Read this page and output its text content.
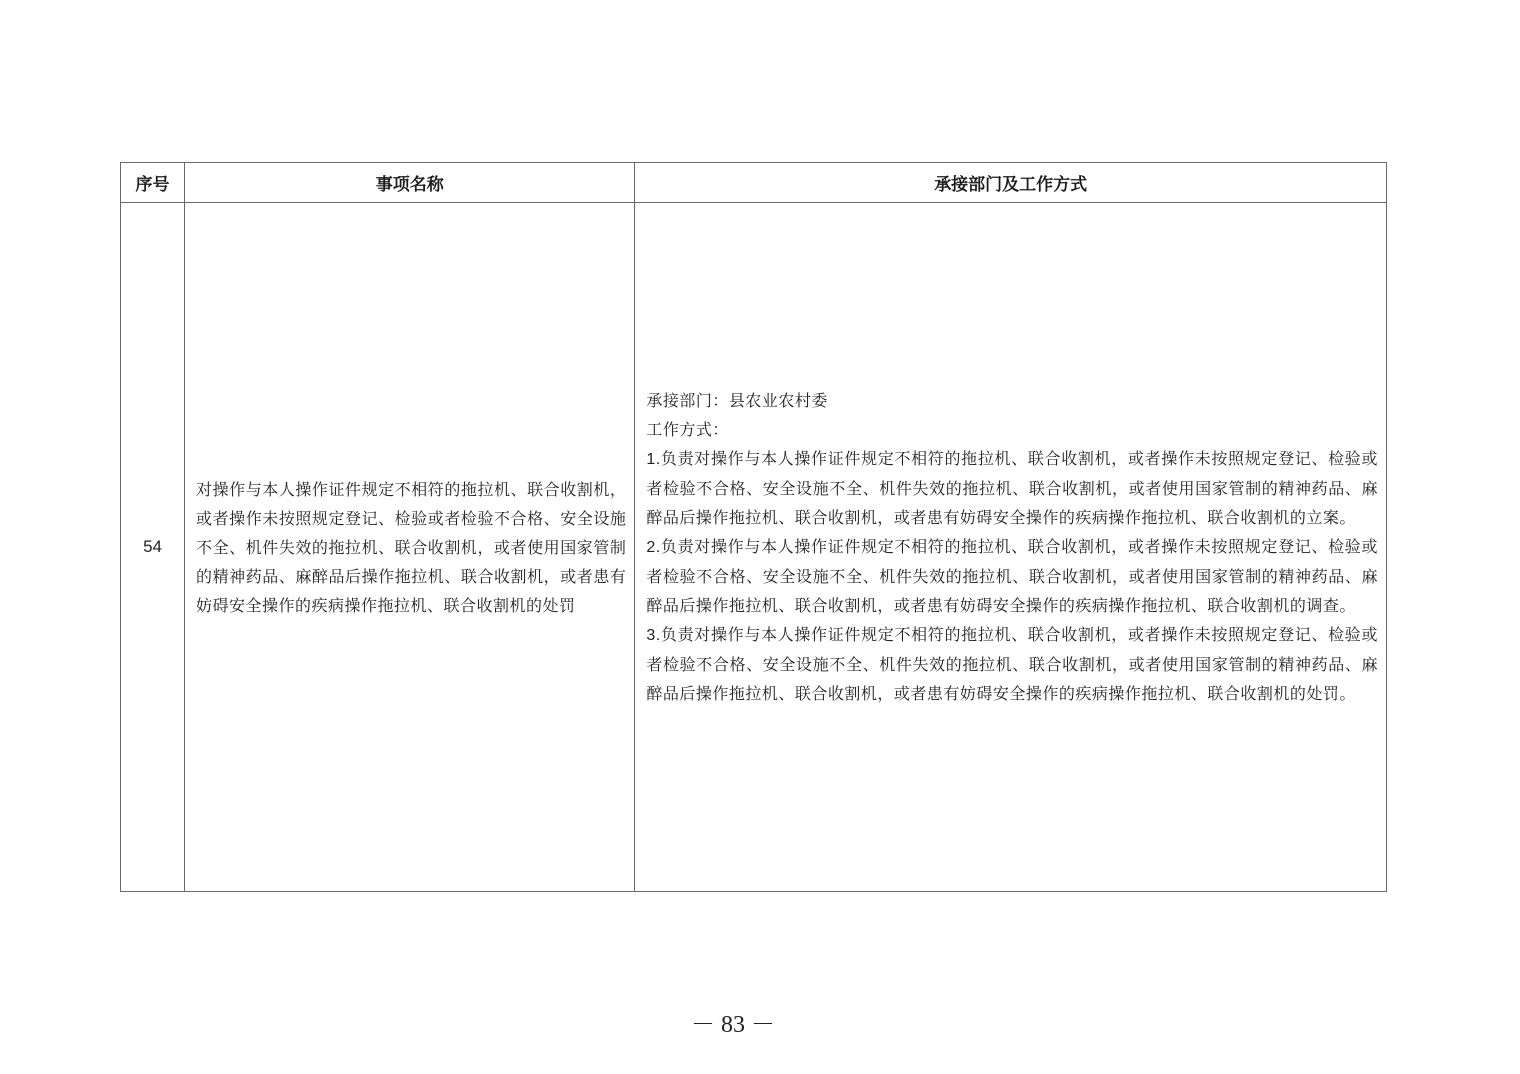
序号	事项名称	承接部门及工作方式
54	对操作与本人操作证件规定不相符的拖拉机、联合收割机，或者操作未按照规定登记、检验或者检验不合格、安全设施不全、机件失效的拖拉机、联合收割机，或者使用国家管制的精神药品、麻醉品后操作拖拉机、联合收割机，或者患有妨碍安全操作的疾病操作拖拉机、联合收割机的处罚	承接部门：县农业农村委

工作方式：

1.负责对操作与本人操作证件规定不相符的拖拉机、联合收割机，或者操作未按照规定登记、检验或者检验不合格、安全设施不全、机件失效的拖拉机、联合收割机，或者使用国家管制的精神药品、麻醉品后操作拖拉机、联合收割机，或者患有妨碍安全操作的疾病操作拖拉机、联合收割机的立案。

2.负责对操作与本人操作证件规定不相符的拖拉机、联合收割机，或者操作未按照规定登记、检验或者检验不合格、安全设施不全、机件失效的拖拉机、联合收割机，或者使用国家管制的精神药品、麻醉品后操作拖拉机、联合收割机，或者患有妨碍安全操作的疾病操作拖拉机、联合收割机的调查。

3.负责对操作与本人操作证件规定不相符的拖拉机、联合收割机，或者操作未按照规定登记、检验或者检验不合格、安全设施不全、机件失效的拖拉机、联合收割机，或者使用国家管制的精神药品、麻醉品后操作拖拉机、联合收割机，或者患有妨碍安全操作的疾病操作拖拉机、联合收割机的处罚。

－ 83 －
